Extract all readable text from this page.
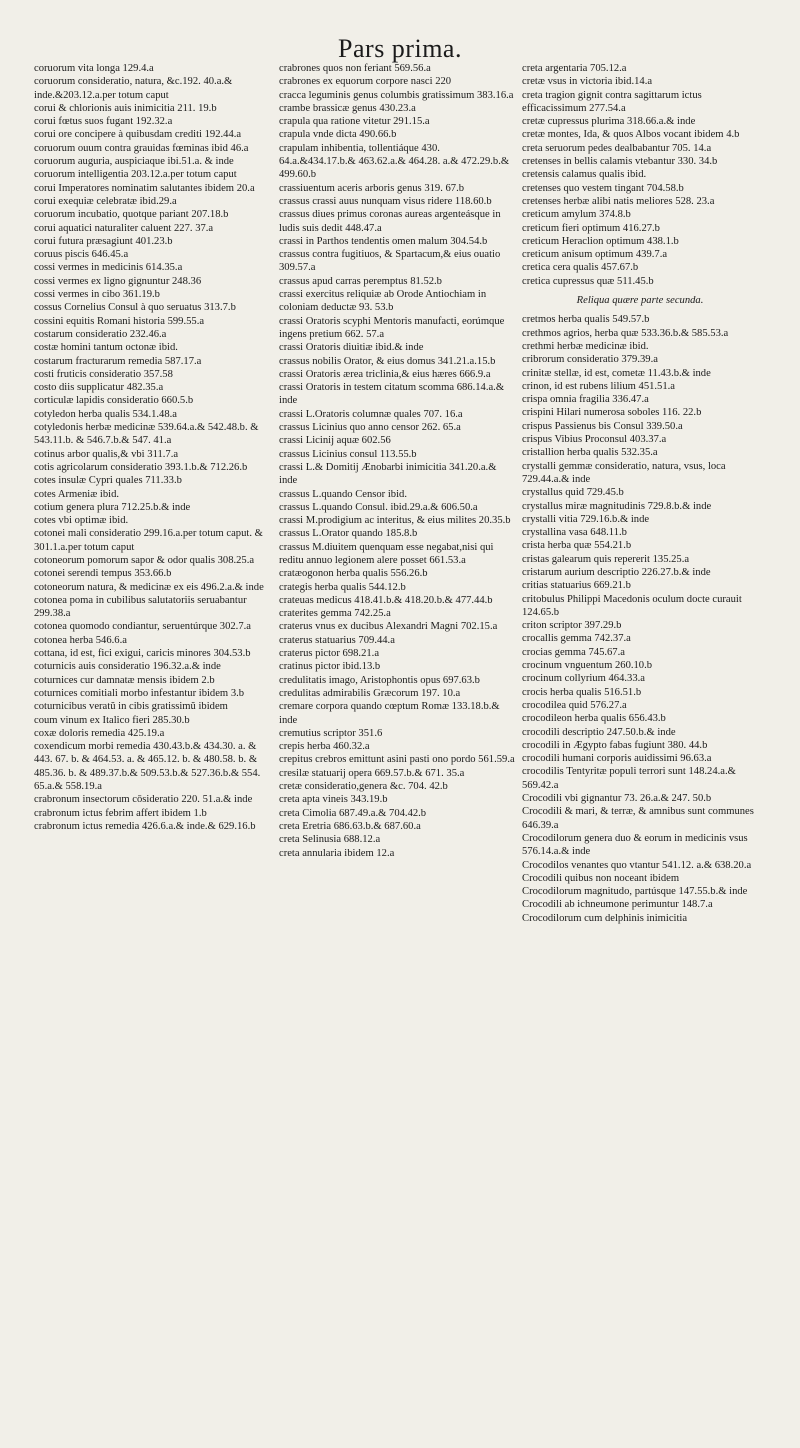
Pars prima.
coruorum vita longa 129.4.a
coruorum consideratio, natura, &c.192. 40.a.& inde.&203.12.a.per totum caput
corui & chlorionis auis inimicitia 211. 19.b
corui fœtus suos fugant 192.32.a
corui ore concipere à quibusdam crediti 192.44.a
coruorum ouum contra grauidas fœminas ibid 46.a
coruorum auguria, auspiciaque ibi.51.a. & inde
coruorum intelligentia 203.12.a.per totum caput
corui Imperatores nominatim salutantes ibidem 20.a
corui exequiæ celebratæ ibid.29.a
coruorum incubatio, quotque pariant 207.18.b
corui aquatici naturaliter caluent 227. 37.a
corui futura præsagiunt 401.23.b
coruus piscis 646.45.a
cossi vermes in medicinis 614.35.a
cossi vermes ex ligno gignuntur 248.36
cossi vermes in cibo 361.19.b
cossus Cornelius Consul à quo seruatus 313.7.b
cossini equitis Romani historia 599.55.a
costarum consideratio 232.46.a
costæ homini tantum octonæ ibid.
costarum fracturarum remedia 587.17.a
costi fruticis consideratio 357.58
costo diis supplicatur 482.35.a
corticulæ lapidis consideratio 660.5.b
cotyledon herba qualis 534.1.48.a
cotyledonis herbæ medicinæ 539.64.a.& 542.48.b. & 543.11.b. & 546.7.b.& 547. 41.a
cotinus arbor qualis,& vbi 311.7.a
cotis agricolarum consideratio 393.1.b.& 712.26.b
cotes insulæ Cypri quales 711.33.b
cotes Armeniæ ibid.
cotium genera plura 712.25.b.& inde
cotes vbi optimæ ibid.
cotonei mali consideratio 299.16.a.per totum caput. & 301.1.a.per totum caput
cotoneorum pomorum sapor & odor qualis 308.25.a
cotonei serendi tempus 353.66.b
cotoneorum natura, & medicinæ ex eis 496.2.a.& inde
cotonea poma in cubilibus salutatoriis seruabantur 299.38.a
cotonea quomodo condiantur, seruentúrque 302.7.a
cotonea herba 546.6.a
cottana, id est, fici exigui, caricis minores 304.53.b
coturnicis auis consideratio 196.32.a.& inde
coturnices cur damnatæ mensis ibidem 2.b
coturnices comitiali morbo infestantur ibidem 3.b
coturnicibus veratŭ in cibis gratissimŭ ibidem
coum vinum ex Italico fieri 285.30.b
coxæ doloris remedia 425.19.a
coxendicum morbi remedia 430.43.b.& 434.30. a. & 443. 67. b. & 464.53. a. & 465.12. b. & 480.58. b. & 485.36. b. & 489.37.b.& 509.53.b.& 527.36.b.& 554. 65.a.& 558.19.a
crabronum insectorum cōsideratio 220. 51.a.& inde
crabronum ictus febrim affert ibidem 1.b
crabronum ictus remedia 426.6.a.& inde.& 629.16.b
crabrones quos non feriant 569.56.a
crabrones ex equorum corpore nasci 220
cracca leguminis genus columbis gratissimum 383.16.a
crambe brassicæ genus 430.23.a
crapula qua ratione vitetur 291.15.a
crapula vnde dicta 490.66.b
crapulam inhibentia, tollentiáque 430. 64.a.&434.17.b.& 463.62.a.& 464.28. a.& 472.29.b.& 499.60.b
crassiuentum aceris arboris genus 319. 67.b
crassus crassi auus nunquam visus ridere 118.60.b
crassus diues primus coronas aureas argenteásque in ludis suis dedit 448.47.a
crassi in Parthos tendentis omen malum 304.54.b
crassus contra fugitiuos, & Spartacum,& eius ouatio 309.57.a
crassus apud carras peremptus 81.52.b
crassi exercitus reliquiæ ab Orode Antiochiam in coloniam deductæ 93. 53.b
crassi Oratoris scyphi Mentoris manufacti, eorúmque ingens pretium 662. 57.a
crassi Oratoris diuitiæ ibid.& inde
crassus nobilis Orator, & eius domus 341.21.a.15.b
crassi Oratoris ærea triclinia,& eius hæres 666.9.a
crassi Oratoris in testem citatum scomma 686.14.a.& inde
crassi L.Oratoris columnæ quales 707. 16.a
crassus Licinius quo anno censor 262. 65.a
crassi Licinij aquæ 602.56
crassus Licinius consul 113.55.b
crassi L.& Domitij Ænobarbi inimicitia 341.20.a.& inde
crassus L.quando Censor ibid.
crassus L.quando Consul. ibid.29.a.& 606.50.a
crassi M.prodigium ac interitus, & eius milites 20.35.b
crassus L.Orator quando 185.8.b
crassus M.diuitem quenquam esse negabat,nisi qui reditu annuo legionem alere posset 661.53.a
cratæogonon herba qualis 556.26.b
crategis herba qualis 544.12.b
crateuas medicus 418.41.b.& 418.20.b.& 477.44.b
craterites gemma 742.25.a
craterus vnus ex ducibus Alexandri Magni 702.15.a
craterus statuarius 709.44.a
craterus pictor 698.21.a
cratinus pictor ibid.13.b
credulitatis imago, Aristophontis opus 697.63.b
credulitas admirabilis Græcorum 197. 10.a
cremare corpora quando cœptum Romæ 133.18.b.& inde
cremutius scriptor 351.6
crepis herba 460.32.a
crepitus crebros emittunt asini pasti ono pordo 561.59.a
cresilæ statuarij opera 669.57.b.& 671. 35.a
cretæ consideratio,genera &c. 704. 42.b
creta apta vineis 343.19.b
creta Cimolia 687.49.a.& 704.42.b
creta Eretria 686.63.b.& 687.60.a
creta Selinusia 688.12.a
creta annularia ibidem 12.a
creta argentaria 705.12.a
cretæ vsus in victoria ibid.14.a
creta tragion gignit contra sagittarum ictus efficacissimum 277.54.a
cretæ cupressus plurima 318.66.a.& inde
cretæ montes, Ida, & quos Albos vocant ibidem 4.b
creta seruorum pedes dealbabantur 705. 14.a
cretenses in bellis calamis vtebantur 330. 34.b
cretensis calamus qualis ibid.
cretenses quo vestem tingant 704.58.b
cretenses herbæ alibi natis meliores 528. 23.a
creticum amylum 374.8.b
creticum fieri optimum 416.27.b
creticum Heraclion optimum 438.1.b
creticum anisum optimum 439.7.a
cretica cera qualis 457.67.b
cretica cupressus quæ 511.45.b
Reliqua quære parte secunda.
cretmos herba qualis 549.57.b
crethmos agrios, herba quæ 533.36.b.& 585.53.a
crethmi herbæ medicinæ ibid.
cribrorum consideratio 379.39.a
crinitæ stellæ, id est, cometæ 11.43.b.& inde
crinon, id est rubens lilium 451.51.a
crispa omnia fragilia 336.47.a
crispini Hilari numerosa soboles 116. 22.b
crispus Passienus bis Consul 339.50.a
crispus Vibius Proconsul 403.37.a
cristallion herba qualis 532.35.a
crystalli gemmæ consideratio, natura, vsus, loca 729.44.a.& inde
crystallus quid 729.45.b
crystallus miræ magnitudinis 729.8.b.& inde
crystalli vitia 729.16.b.& inde
crystallina vasa 648.11.b
crista herba quæ 554.21.b
cristas galearum quis repererit 135.25.a
cristarum aurium descriptio 226.27.b.& inde
critias statuarius 669.21.b
critobulus Philippi Macedonis oculum docte curauit 124.65.b
criton scriptor 397.29.b
crocallis gemma 742.37.a
crocias gemma 745.67.a
crocinum vnguentum 260.10.b
crocinum collyrium 464.33.a
crocis herba qualis 516.51.b
crocodilea quid 576.27.a
crocodileon herba qualis 656.43.b
crocodili descriptio 247.50.b.& inde
crocodili in Ægypto fabas fugiunt 380. 44.b
crocodili humani corporis auidissimi 96.63.a
crocodilis Tentyritæ populi terrori sunt 148.24.a.& 569.42.a
Crocodili vbi gignantur 73. 26.a.& 247. 50.b
Crocodili & mari, & terræ, & amnibus sunt communes 646.39.a
Crocodilorum genera duo & eorum in medicinis vsus 576.14.a.& inde
Crocodilos venantes quo vtantur 541.12. a.& 638.20.a
Crocodili quibus non noceant ibidem
Crocodilorum magnitudo, partúsque 147.55.b.& inde
Crocodili ab ichneumone perimuntur 148.7.a
Crocodilorum cum delphinis inimicitia
